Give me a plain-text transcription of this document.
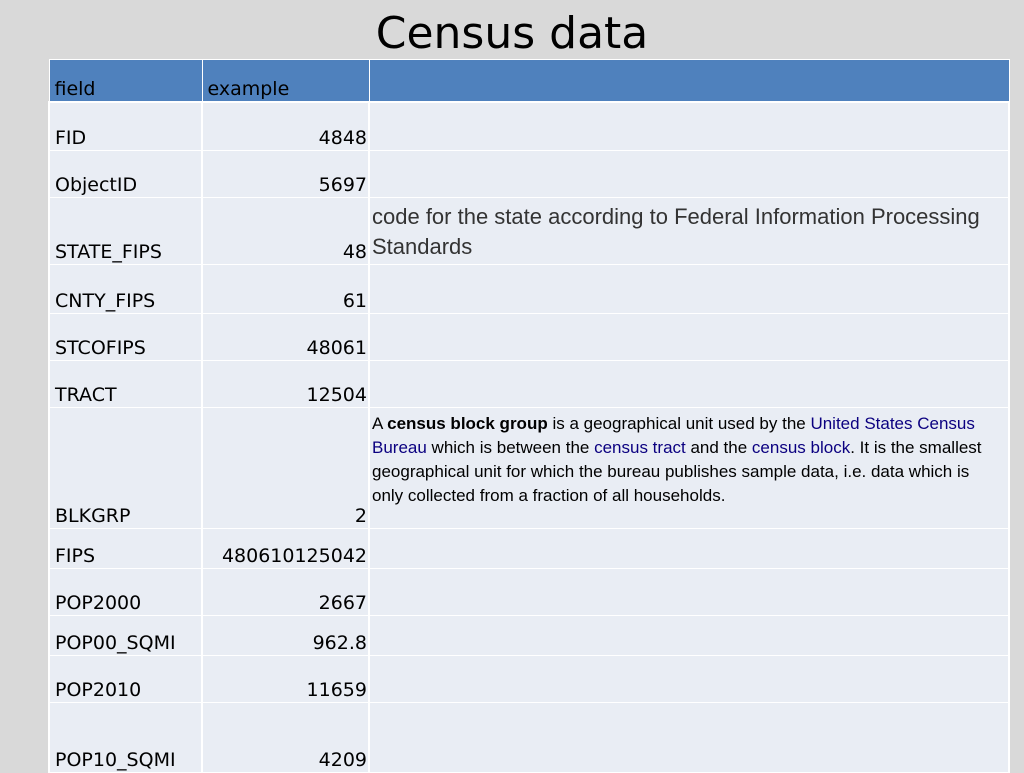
Census data
field	example	
FID	4848	
ObjectID	5697	
STATE_FIPS	48	code for the state according to Federal Information Processing Standards

CNTY_FIPS	61	
STCOFIPS	48061	
TRACT	12504	
BLKGRP	2	A census block group is a geographical unit used by the United States Census Bureau which is between the census tract and the census block. It is the smallest geographical unit for which the bureau publishes sample data, i.e. data which is only collected from a fraction of all households.

FIPS	480610125042	
POP2000	2667	
POP00_SQMI	962.8	
POP2010	11659	
POP10_SQMI	4209	
